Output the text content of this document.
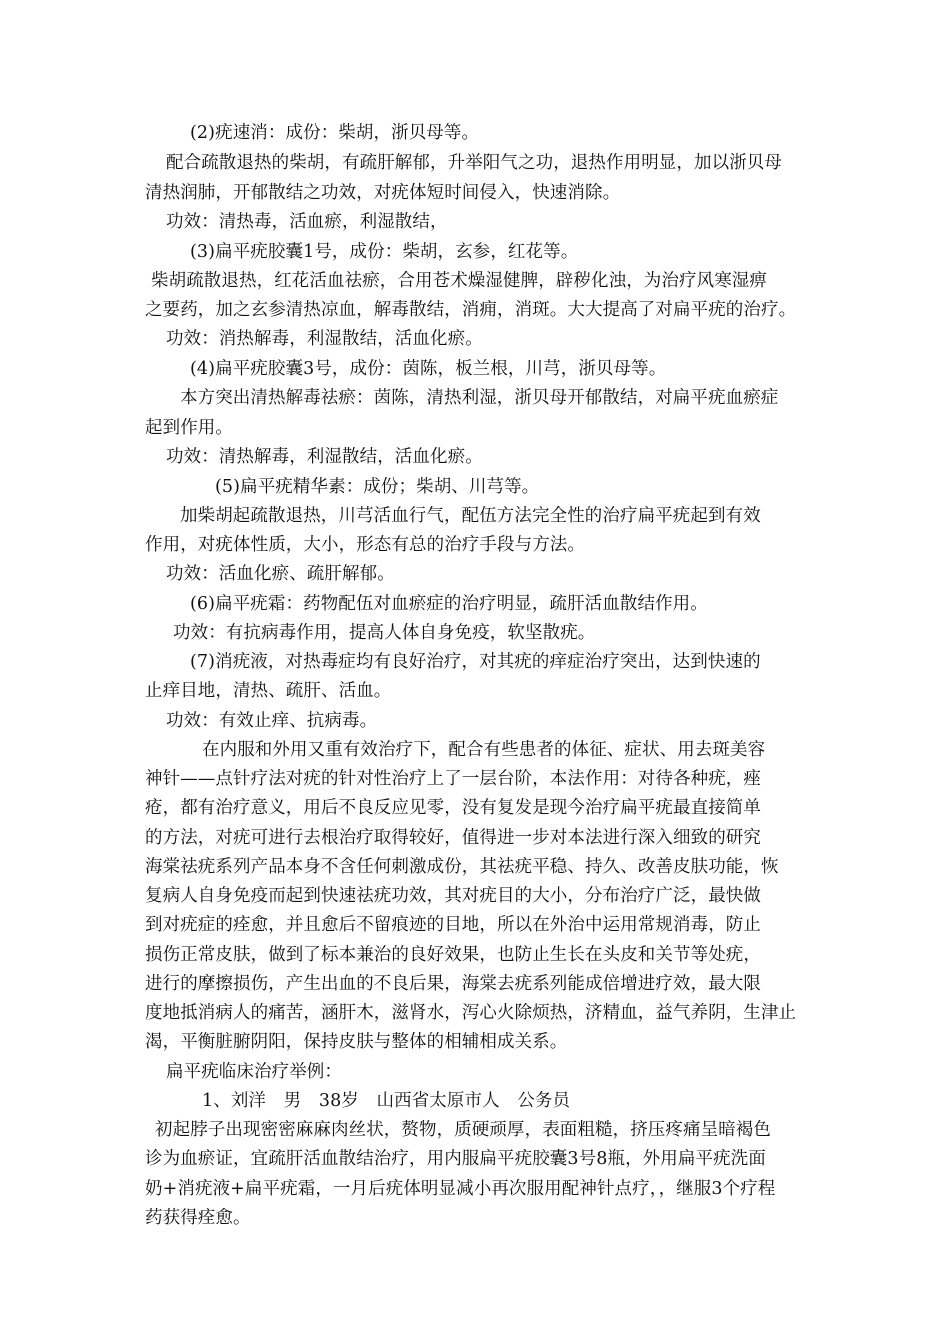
(2)疣速消：成份：柴胡，浙贝母等。
配合疏散退热的柴胡，有疏肝解郁，升举阳气之功，退热作用明显，加以浙贝母
清热润肺，开郁散结之功效，对疣体短时间侵入，快速消除。
功效：清热毒，活血瘀，利湿散结，
(3)扁平疣胶囊1号，成份：柴胡，玄参，红花等。
柴胡疏散退热，红花活血祛瘀，合用苍术燥湿健脾，辟秽化浊，为治疗风寒湿痹
之要药，加之玄参清热凉血，解毒散结，消痈，消斑。大大提高了对扁平疣的治疗。
功效：消热解毒，利湿散结，活血化瘀。
(4)扁平疣胶囊3号，成份：茵陈，板兰根，川芎，浙贝母等。
本方突出清热解毒祛瘀：茵陈，清热利湿，浙贝母开郁散结，对扁平疣血瘀症
起到作用。
功效：清热解毒，利湿散结，活血化瘀。
(5)扁平疣精华素：成份；柴胡、川芎等。
加柴胡起疏散退热，川芎活血行气，配伍方法完全性的治疗扁平疣起到有效
作用，对疣体性质，大小，形态有总的治疗手段与方法。
功效：活血化瘀、疏肝解郁。
(6)扁平疣霜：药物配伍对血瘀症的治疗明显，疏肝活血散结作用。
功效：有抗病毒作用，提高人体自身免疫，软坚散疣。
(7)消疣液，对热毒症均有良好治疗，对其疣的痒症治疗突出，达到快速的
止痒目地，清热、疏肝、活血。
功效：有效止痒、抗病毒。
在内服和外用又重有效治疗下，配合有些患者的体征、症状、用去斑美容
神针——点针疗法对疣的针对性治疗上了一层台阶，本法作用：对待各种疣，痤
疮，都有治疗意义，用后不良反应见零，没有复发是现今治疗扁平疣最直接简单
的方法，对疣可进行去根治疗取得较好，值得进一步对本法进行深入细致的研究
海棠祛疣系列产品本身不含任何刺激成份，其祛疣平稳、持久、改善皮肤功能，恢
复病人自身免疫而起到快速祛疣功效，其对疣目的大小，分布治疗广泛，最快做
到对疣症的痊愈，并且愈后不留痕迹的目地，所以在外治中运用常规消毒，防止
损伤正常皮肤，做到了标本兼治的良好效果，也防止生长在头皮和关节等处疣，
进行的摩擦损伤，产生出血的不良后果，海棠去疣系列能成倍增进疗效，最大限
度地抵消病人的痛苦，涵肝木，滋肾水，泻心火除烦热，济精血，益气养阴，生津止
渴，平衡脏腑阴阳，保持皮肤与整体的相辅相成关系。
扁平疣临床治疗举例：
1、刘洋　男　38岁　山西省太原市人　公务员
初起脖子出现密密麻麻肉丝状，赘物，质硬顽厚，表面粗糙，挤压疼痛呈暗褐色
诊为血瘀证，宜疏肝活血散结治疗，用内服扁平疣胶囊3号8瓶，外用扁平疣洗面
奶+消疣液+扁平疣霜，一月后疣体明显减小再次服用配神针点疗，，继服3个疗程
药获得痊愈。
